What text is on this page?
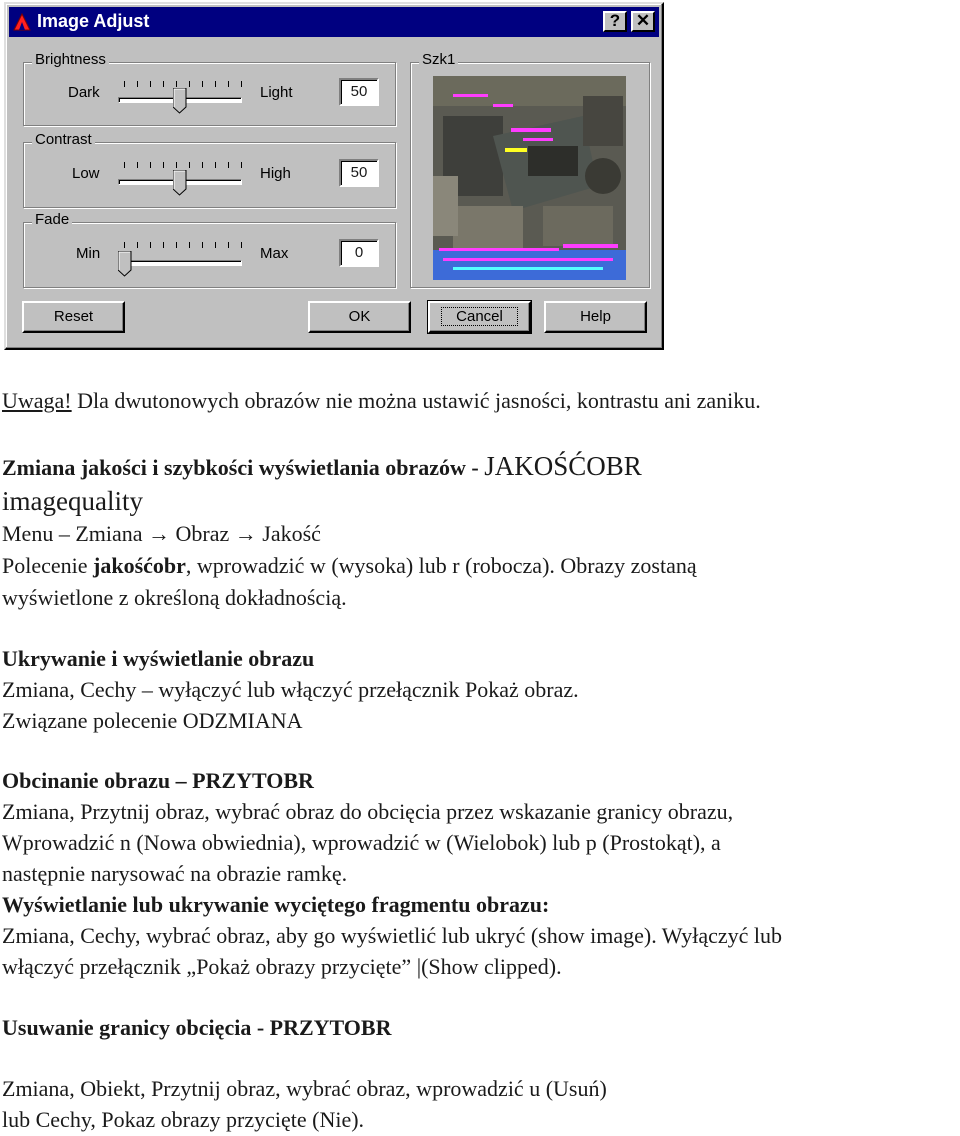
Image Adjust	? ✕
Brightness
Dark	Light	50
Contrast
Low	High	50
Fade
Min	Max	0
Szk1
Reset	OK	Cancel	Help
Uwaga! Dla dwutonowych obrazów nie można ustawić jasności, kontrastu ani zaniku.
Zmiana jakości i szybkości wyświetlania obrazów - JAKOŚĆOBR
imagequality
Menu – Zmiana → Obraz → Jakość
Polecenie jakośćobr, wprowadzić w (wysoka) lub r (robocza). Obrazy zostaną
wyświetlone z określoną dokładnością.
Ukrywanie i wyświetlanie obrazu
Zmiana, Cechy – wyłączyć lub włączyć przełącznik Pokaż obraz.
Związane polecenie ODZMIANA
Obcinanie obrazu – PRZYTOBR
Zmiana, Przytnij obraz, wybrać obraz do obcięcia przez wskazanie granicy obrazu,
Wprowadzić n (Nowa obwiednia), wprowadzić w (Wielobok) lub p (Prostokąt), a
następnie narysować na obrazie ramkę.
Wyświetlanie lub ukrywanie wyciętego fragmentu obrazu:
Zmiana, Cechy, wybrać obraz, aby go wyświetlić lub ukryć (show image). Wyłączyć lub
włączyć przełącznik „Pokaż obrazy przycięte” |(Show clipped).
Usuwanie granicy obcięcia - PRZYTOBR
Zmiana, Obiekt, Przytnij obraz, wybrać obraz, wprowadzić u (Usuń)
lub Cechy, Pokaz obrazy przycięte (Nie).
